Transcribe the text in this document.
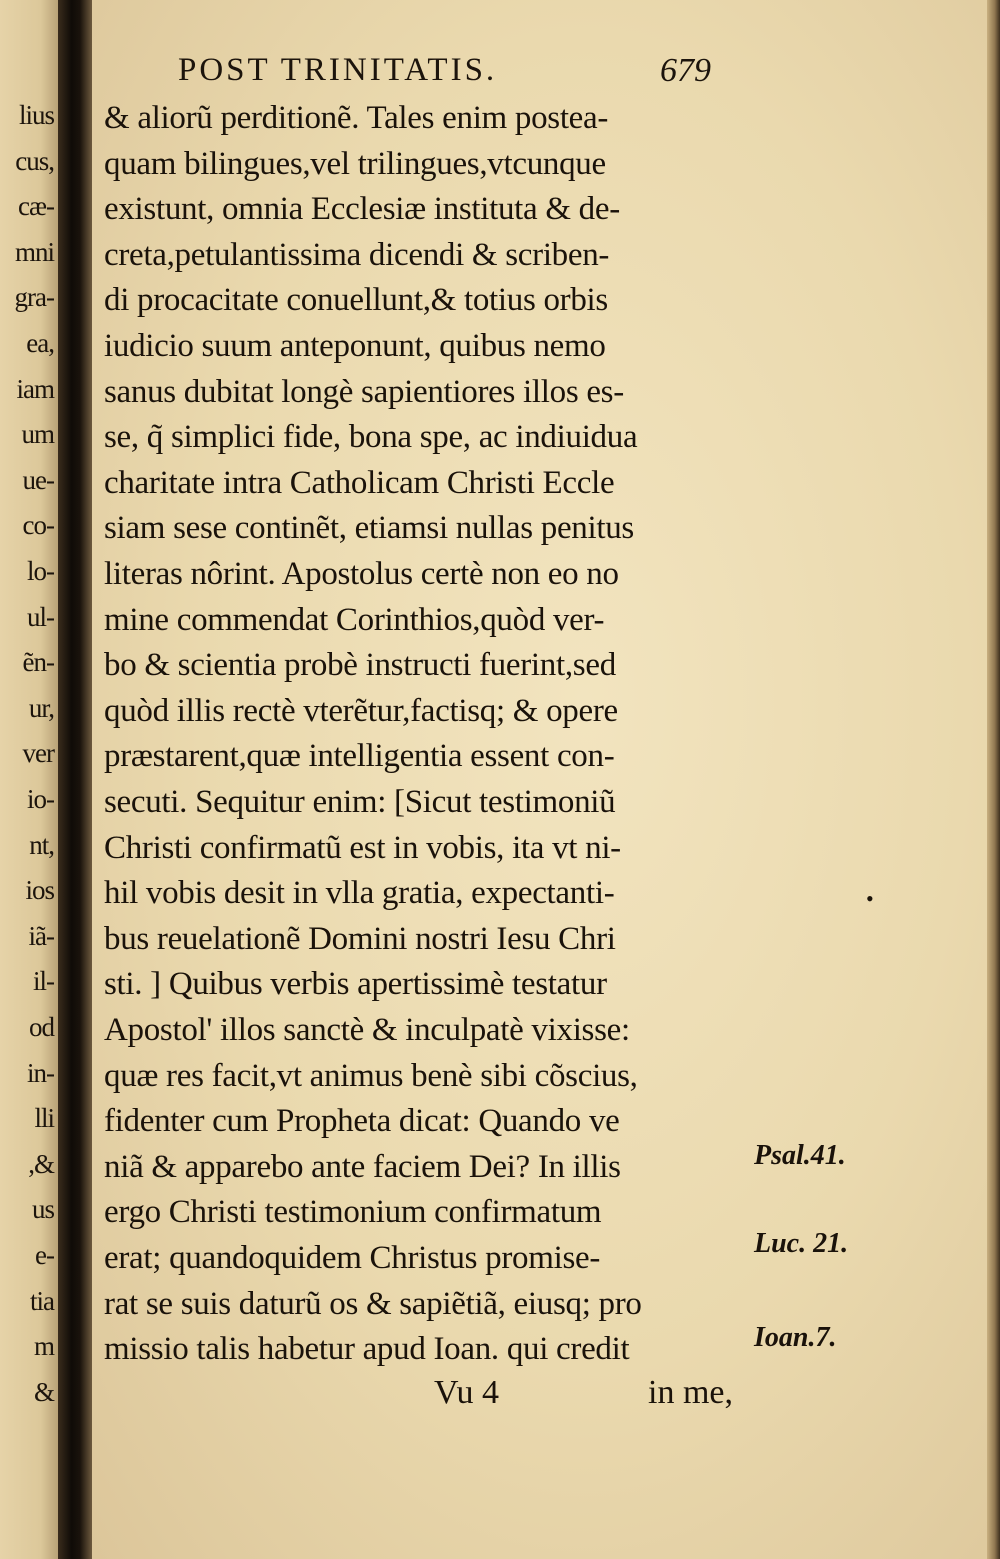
lius
cus,
cæ-
mni
gra-
ea,
iam
um
ue-
co-
lo-
ul-
ẽn-
ur,
ver
io-
nt,
ios
iã-
il-
od
in-
lli
,&
us
e-
tia
m
&
POST TRINITATIS.	679
& aliorũ perditionẽ. Tales enim postea-
quam bilingues,vel trilingues,vtcunque
existunt, omnia Ecclesiæ instituta & de-
creta,petulantissima dicendi & scriben-
di procacitate conuellunt,& totius orbis
iudicio suum anteponunt, quibus nemo
sanus dubitat longè sapientiores illos es-
se, q̃ simplici fide, bona spe, ac indiuidua
charitate intra Catholicam Christi Eccle
siam sese continẽt, etiamsi nullas penitus
literas nôrint. Apostolus certè non eo no
mine commendat Corinthios,quòd ver-
bo & scientia probè instructi fuerint,sed
quòd illis rectè vterẽtur,factisq; & opere
præstarent,quæ intelligentia essent con-
secuti. Sequitur enim: [Sicut testimoniũ
Christi confirmatũ est in vobis, ita vt ni-
hil vobis desit in vlla gratia, expectanti-
bus reuelationẽ Domini nostri Iesu Chri
sti. ] Quibus verbis apertissimè testatur
Apostol' illos sanctè & inculpatè vixisse:
quæ res facit,vt animus benè sibi cõscius,
fidenter cum Propheta dicat: Quando ve
niã & apparebo ante faciem Dei? In illis
ergo Christi testimonium confirmatum
erat; quandoquidem Christus promise-
rat se suis daturũ os & sapiẽtiã, eiusq; pro
missio talis habetur apud Ioan. qui credit
Psal.41.
Luc. 21.
Ioan.7.
•
Vu 4	in me,
